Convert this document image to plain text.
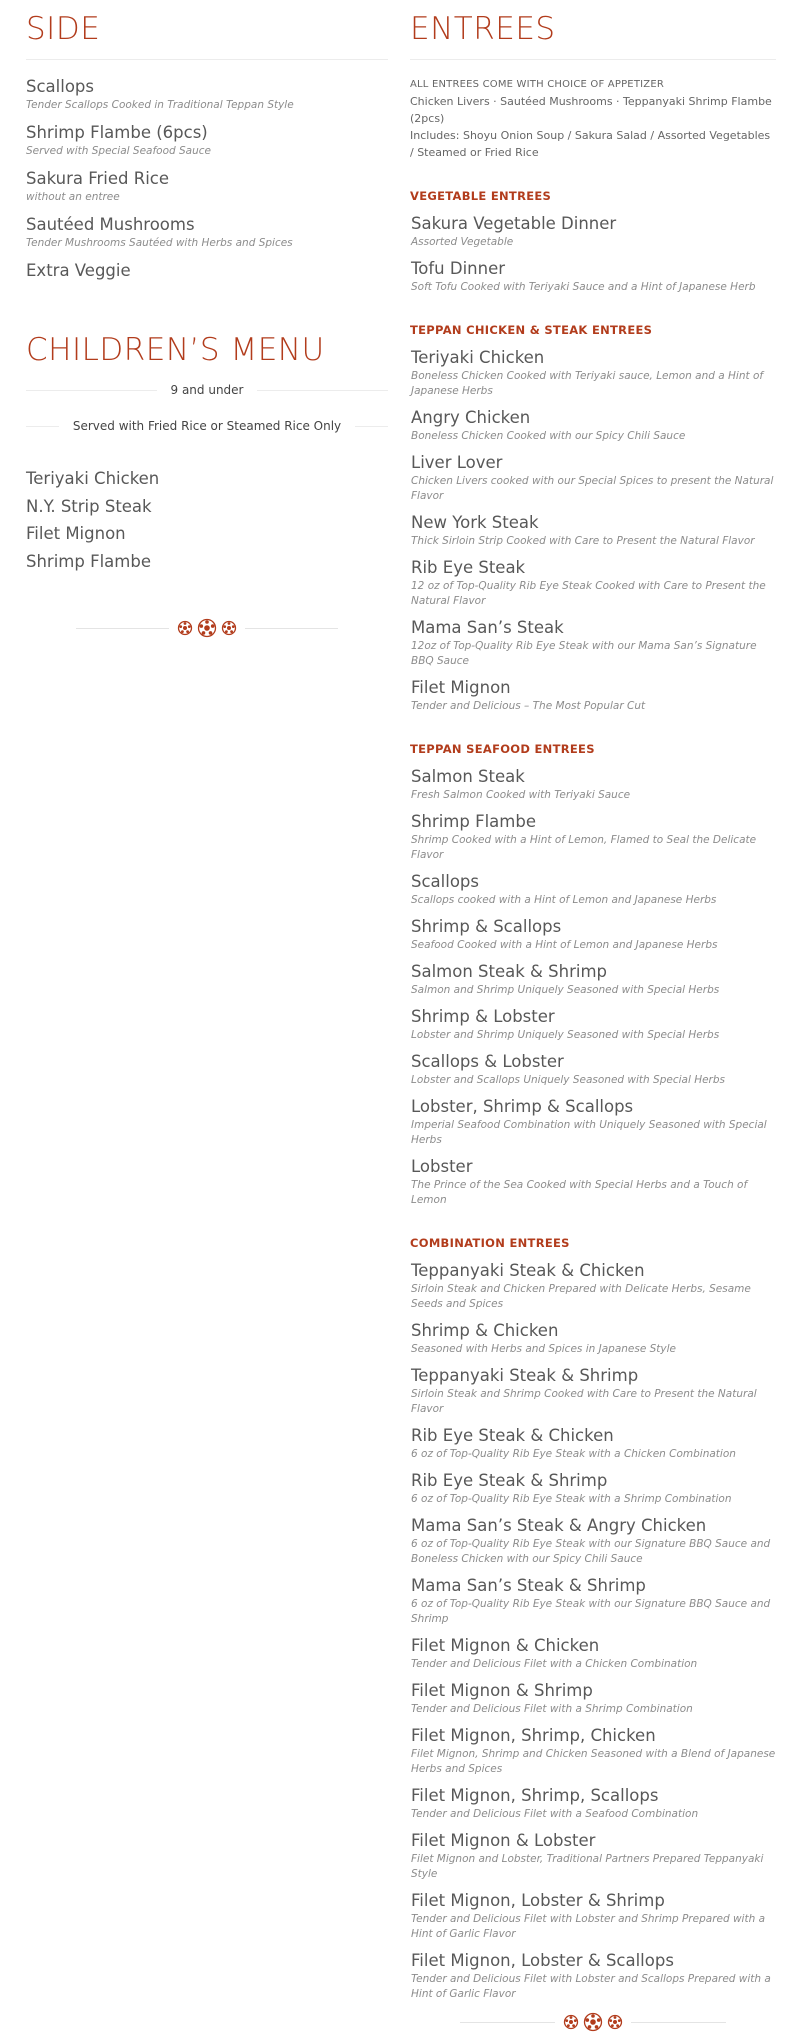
SIDE
Scallops
Tender Scallops Cooked in Traditional Teppan Style
Shrimp Flambe (6pcs)
Served with Special Seafood Sauce
Sakura Fried Rice
without an entree
Sautéed Mushrooms
Tender Mushrooms Sautéed with Herbs and Spices
Extra Veggie
CHILDREN’S MENU
9 and under
Served with Fried Rice or Steamed Rice Only
Teriyaki Chicken
N.Y. Strip Steak
Filet Mignon
Shrimp Flambe
ENTREES
ALL ENTREES COME WITH CHOICE OF APPETIZER
Chicken Livers · Sautéed Mushrooms · Teppanyaki Shrimp Flambe (2pcs)
Includes: Shoyu Onion Soup / Sakura Salad / Assorted Vegetables / Steamed or Fried Rice
VEGETABLE ENTREES
Sakura Vegetable Dinner
Assorted Vegetable
Tofu Dinner
Soft Tofu Cooked with Teriyaki Sauce and a Hint of Japanese Herb
TEPPAN CHICKEN & STEAK ENTREES
Teriyaki Chicken
Boneless Chicken Cooked with Teriyaki sauce, Lemon and a Hint of Japanese Herbs
Angry Chicken
Boneless Chicken Cooked with our Spicy Chili Sauce
Liver Lover
Chicken Livers cooked with our Special Spices to present the Natural Flavor
New York Steak
Thick Sirloin Strip Cooked with Care to Present the Natural Flavor
Rib Eye Steak
12 oz of Top-Quality Rib Eye Steak Cooked with Care to Present the Natural Flavor
Mama San’s Steak
12oz of Top-Quality Rib Eye Steak with our Mama San’s Signature BBQ Sauce
Filet Mignon
Tender and Delicious – The Most Popular Cut
TEPPAN SEAFOOD ENTREES
Salmon Steak
Fresh Salmon Cooked with Teriyaki Sauce
Shrimp Flambe
Shrimp Cooked with a Hint of Lemon, Flamed to Seal the Delicate Flavor
Scallops
Scallops cooked with a Hint of Lemon and Japanese Herbs
Shrimp & Scallops
Seafood Cooked with a Hint of Lemon and Japanese Herbs
Salmon Steak & Shrimp
Salmon and Shrimp Uniquely Seasoned with Special Herbs
Shrimp & Lobster
Lobster and Shrimp Uniquely Seasoned with Special Herbs
Scallops & Lobster
Lobster and Scallops Uniquely Seasoned with Special Herbs
Lobster, Shrimp & Scallops
Imperial Seafood Combination with Uniquely Seasoned with Special Herbs
Lobster
The Prince of the Sea Cooked with Special Herbs and a Touch of Lemon
COMBINATION ENTREES
Teppanyaki Steak & Chicken
Sirloin Steak and Chicken Prepared with Delicate Herbs, Sesame Seeds and Spices
Shrimp & Chicken
Seasoned with Herbs and Spices in Japanese Style
Teppanyaki Steak & Shrimp
Sirloin Steak and Shrimp Cooked with Care to Present the Natural Flavor
Rib Eye Steak & Chicken
6 oz of Top-Quality Rib Eye Steak with a Chicken Combination
Rib Eye Steak & Shrimp
6 oz of Top-Quality Rib Eye Steak with a Shrimp Combination
Mama San’s Steak & Angry Chicken
6 oz of Top-Quality Rib Eye Steak with our Signature BBQ Sauce and Boneless Chicken with our Spicy Chili Sauce
Mama San’s Steak & Shrimp
6 oz of Top-Quality Rib Eye Steak with our Signature BBQ Sauce and Shrimp
Filet Mignon & Chicken
Tender and Delicious Filet with a Chicken Combination
Filet Mignon & Shrimp
Tender and Delicious Filet with a Shrimp Combination
Filet Mignon, Shrimp, Chicken
Filet Mignon, Shrimp and Chicken Seasoned with a Blend of Japanese Herbs and Spices
Filet Mignon, Shrimp, Scallops
Tender and Delicious Filet with a Seafood Combination
Filet Mignon & Lobster
Filet Mignon and Lobster, Traditional Partners Prepared Teppanyaki Style
Filet Mignon, Lobster & Shrimp
Tender and Delicious Filet with Lobster and Shrimp Prepared with a Hint of Garlic Flavor
Filet Mignon, Lobster & Scallops
Tender and Delicious Filet with Lobster and Scallops Prepared with a Hint of Garlic Flavor
